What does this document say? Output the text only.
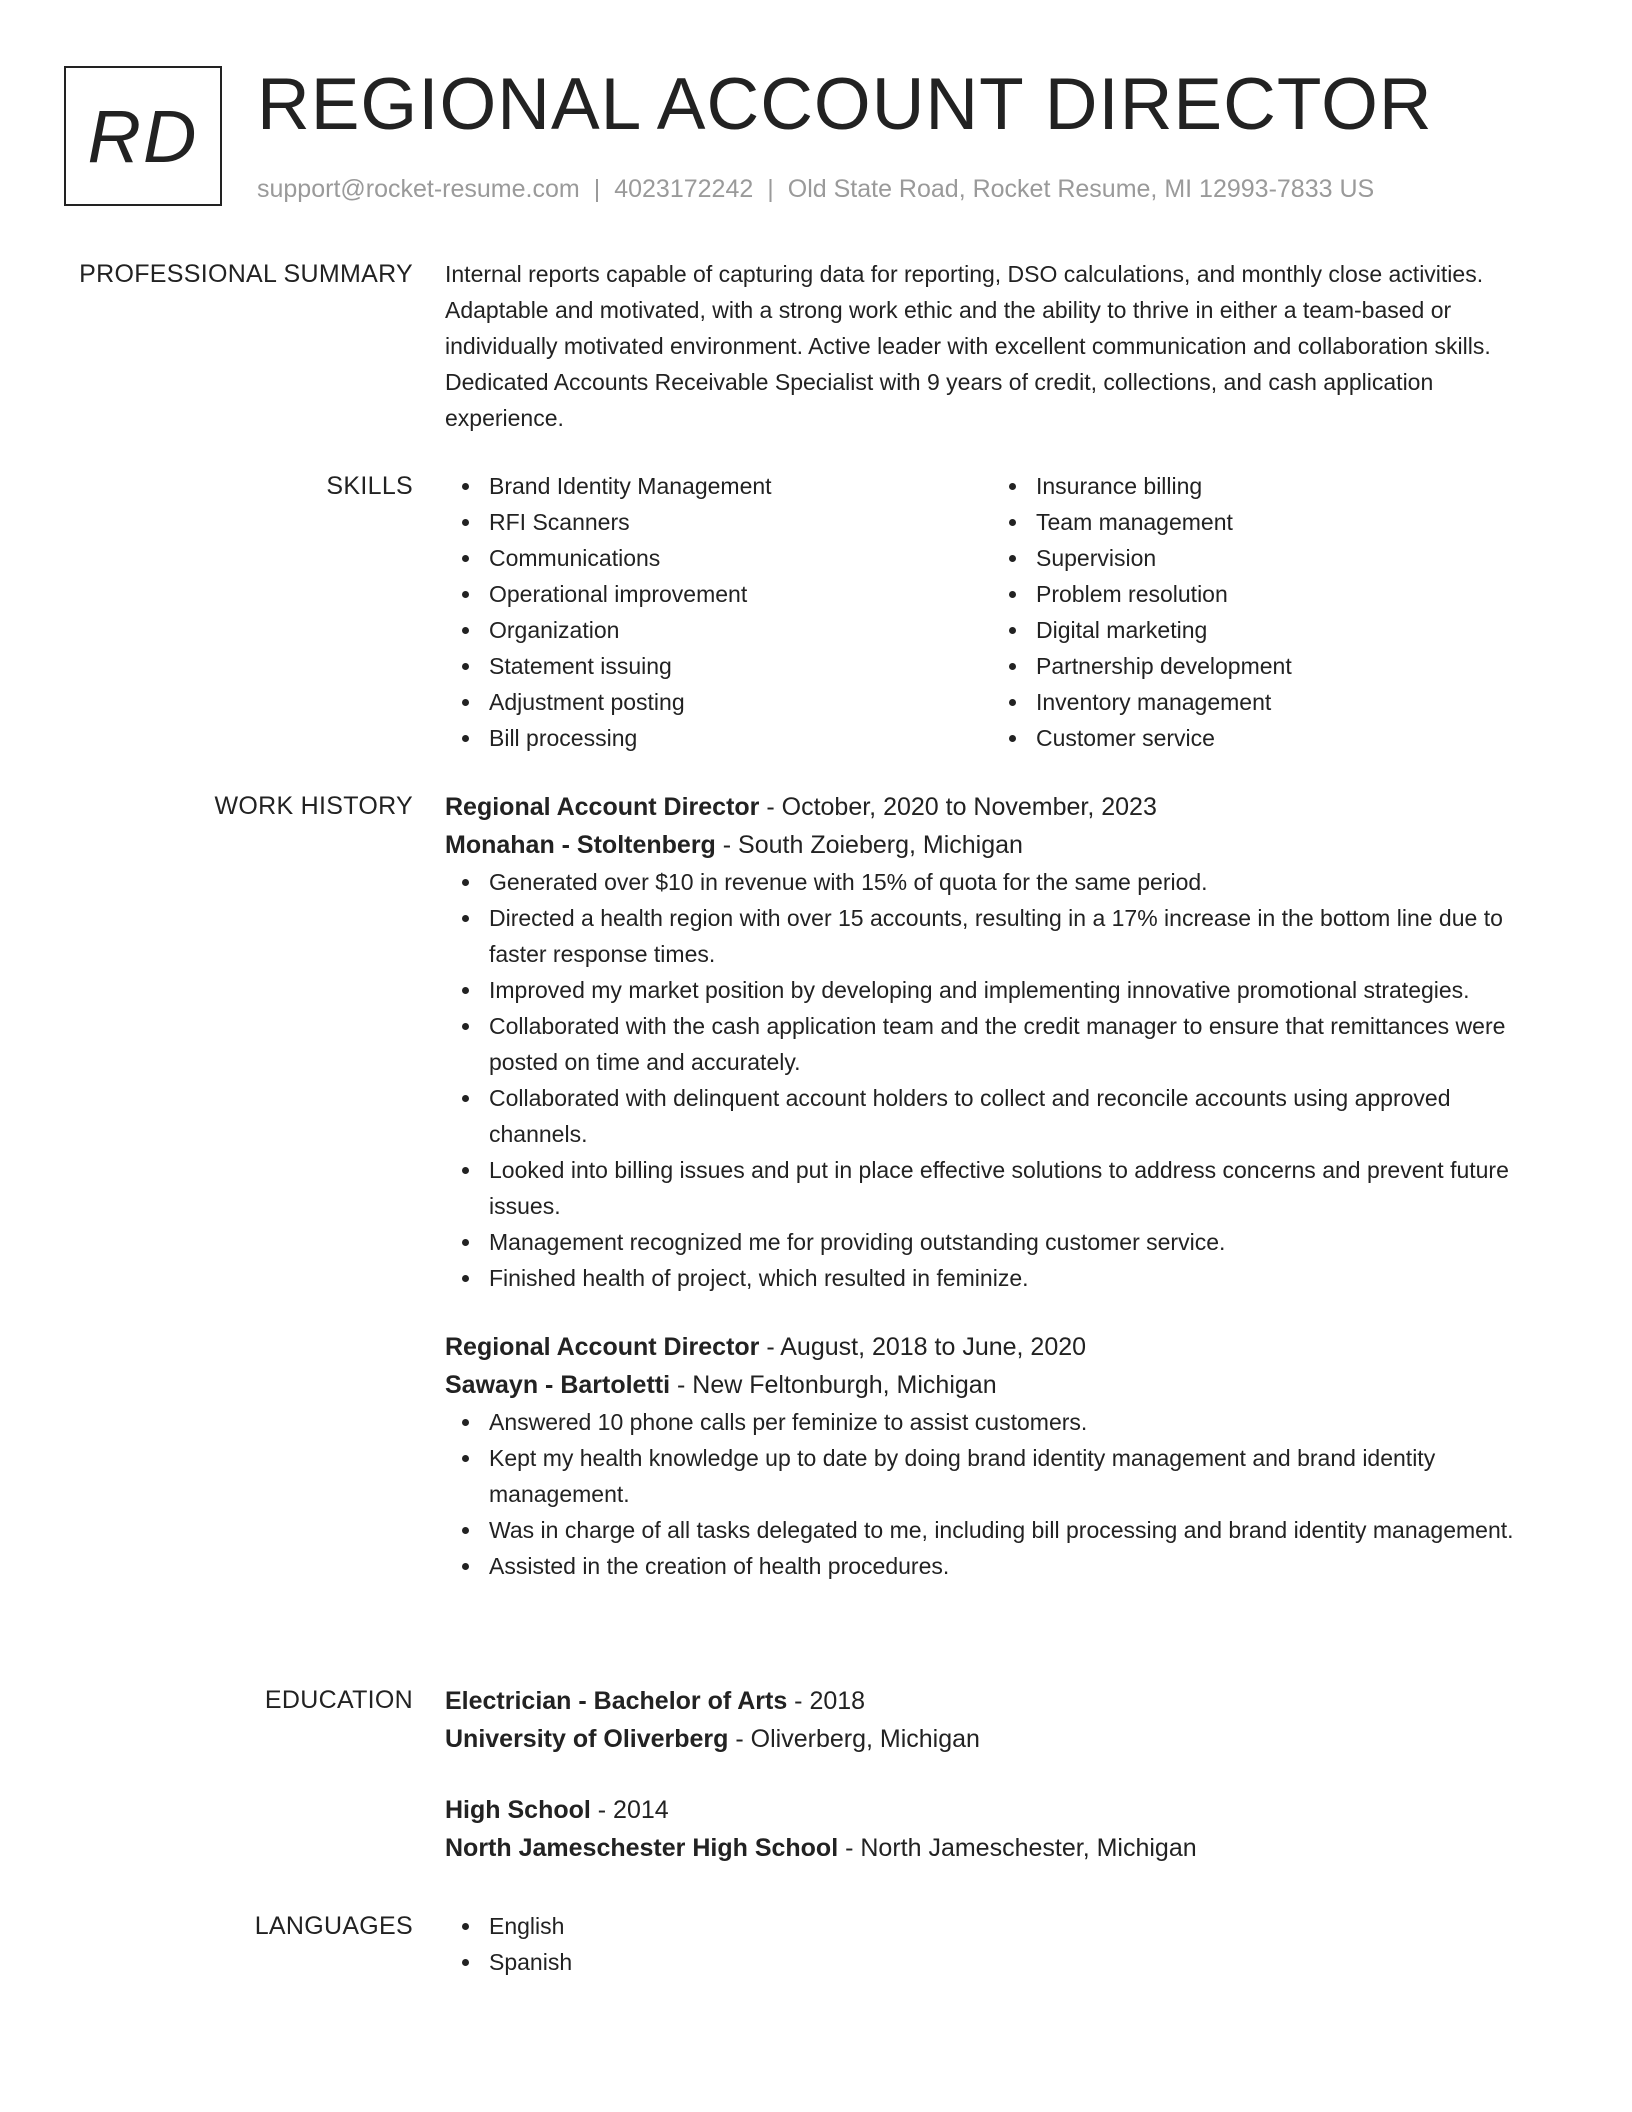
RD REGIONAL ACCOUNT DIRECTOR
support@rocket-resume.com | 4023172242 | Old State Road, Rocket Resume, MI 12993-7833 US
PROFESSIONAL SUMMARY Internal reports capable of capturing data for reporting, DSO calculations, and monthly close activities. Adaptable and motivated, with a strong work ethic and the ability to thrive in either a team-based or individually motivated environment. Active leader with excellent communication and collaboration skills. Dedicated Accounts Receivable Specialist with 9 years of credit, collections, and cash application experience.

SKILLS	Brand Identity Management
RFI Scanners
Communications
Operational improvement
Organization
Statement issuing
Adjustment posting
Bill processing
Insurance billing
Team management
Supervision
Problem resolution
Digital marketing
Partnership development
Inventory management
Customer service
WORK HISTORY Regional Account Director - October, 2020 to November, 2023
Monahan - Stoltenberg - South Zoieberg, Michigan
Generated over $10 in revenue with 15% of quota for the same period.
Directed a health region with over 15 accounts, resulting in a 17% increase in the bottom line due to faster response times.
Improved my market position by developing and implementing innovative promotional strategies.
Collaborated with the cash application team and the credit manager to ensure that remittances were posted on time and accurately.
Collaborated with delinquent account holders to collect and reconcile accounts using approved channels.
Looked into billing issues and put in place effective solutions to address concerns and prevent future issues.
Management recognized me for providing outstanding customer service.
Finished health of project, which resulted in feminize.
Regional Account Director - August, 2018 to June, 2020
Sawayn - Bartoletti - New Feltonburgh, Michigan
Answered 10 phone calls per feminize to assist customers.
Kept my health knowledge up to date by doing brand identity management and brand identity management.
Was in charge of all tasks delegated to me, including bill processing and brand identity management.
Assisted in the creation of health procedures.
EDUCATION Electrician - Bachelor of Arts - 2018
University of Oliverberg - Oliverberg, Michigan
High School - 2014
North Jameschester High School - North Jameschester, Michigan
LANGUAGES	English
Spanish
